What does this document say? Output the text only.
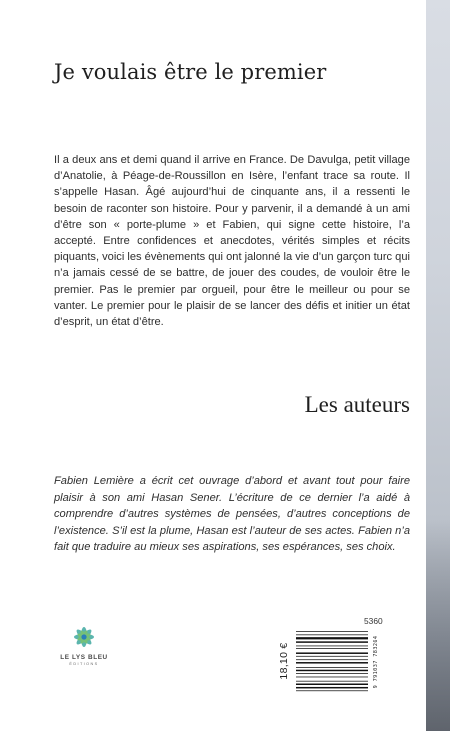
Je voulais être le premier

Il a deux ans et demi quand il arrive en France. De Davulga, petit village d’Anatolie, à Péage-de-Roussillon en Isère, l’enfant trace sa route. Il s’appelle Hasan. Âgé aujourd’hui de cinquante ans, il a ressenti le besoin de raconter son histoire. Pour y parvenir, il a demandé à un ami d’être son « porte-plume » et Fabien, qui signe cette histoire, l’a accepté. Entre confidences et anecdotes, vérités simples et récits piquants, voici les évènements qui ont jalonné la vie d’un garçon turc qui n’a jamais cessé de se battre, de jouer des coudes, de vouloir être le premier. Pas le premier par orgueil, pour être le meilleur ou pour se vanter. Le premier pour le plaisir de se lancer des défis et initier un état d’esprit, un état d’être.

Les auteurs

Fabien Lemière a écrit cet ouvrage d’abord et avant tout pour faire plaisir à son ami Hasan Sener. L’écriture de ce dernier l’a aidé à comprendre d’autres systèmes de pensées, d’autres conceptions de l’existence. S’il est la plume, Hasan est l’auteur de ses actes. Fabien n’a fait que traduire au mieux ses aspirations, ses espérances, ses choix.

LE LYS BLEU
ÉDITIONS

5360

18,10 €	9 791037 783264
